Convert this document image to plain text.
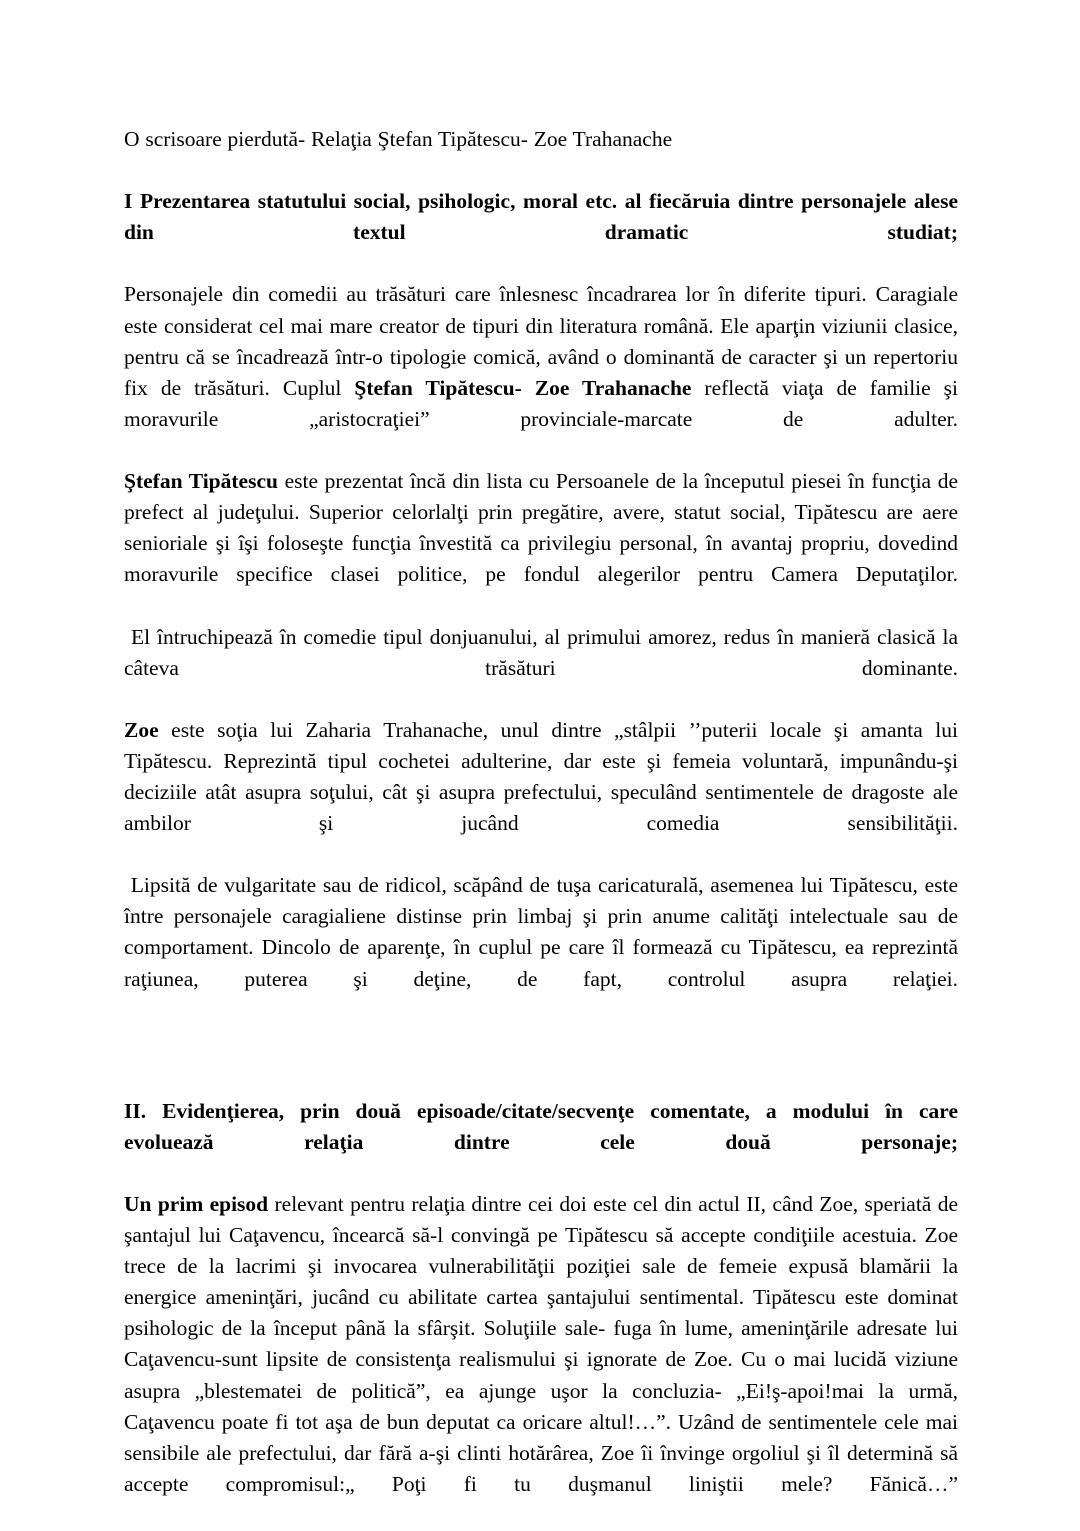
O scrisoare pierdută- Relaţia Ştefan Tipătescu- Zoe Trahanache

I Prezentarea statutului social, psihologic, moral etc. al fiecăruia dintre personajele alese din textul dramatic studiat;

Personajele din comedii au trăsături care înlesnesc încadrarea lor în diferite tipuri. Caragiale este considerat cel mai mare creator de tipuri din literatura română. Ele aparţin viziunii clasice, pentru că se încadrează într-o tipologie comică, având o dominantă de caracter şi un repertoriu fix de trăsături. Cuplul Ştefan Tipătescu- Zoe Trahanache reflectă viaţa de familie şi moravurile „aristocraţiei” provinciale-marcate de adulter.

Ştefan Tipătescu este prezentat încă din lista cu Persoanele de la începutul piesei în funcţia de prefect al judeţului. Superior celorlalţi prin pregătire, avere, statut social, Tipătescu are aere senioriale şi îşi foloseşte funcţia învestită ca privilegiu personal, în avantaj propriu, dovedind moravurile specifice clasei politice, pe fondul alegerilor pentru Camera Deputaţilor.

El întruchipează în comedie tipul donjuanului, al primului amorez, redus în manieră clasică la câteva trăsături dominante.

Zoe este soţia lui Zaharia Trahanache, unul dintre „stâlpii ’’puterii locale şi amanta lui Tipătescu. Reprezintă tipul cochetei adulterine, dar este şi femeia voluntară, impunându-şi deciziile atât asupra soţului, cât şi asupra prefectului, speculând sentimentele de dragoste ale ambilor şi jucând comedia sensibilităţii.

Lipsită de vulgaritate sau de ridicol, scăpând de tuşa caricaturală, asemenea lui Tipătescu, este între personajele caragialiene distinse prin limbaj şi prin anume calităţi intelectuale sau de comportament. Dincolo de aparenţe, în cuplul pe care îl formează cu Tipătescu, ea reprezintă raţiunea, puterea şi deţine, de fapt, controlul asupra relaţiei.

II. Evidenţierea, prin două episoade/citate/secvenţe comentate, a modului în care evoluează relaţia dintre cele două personaje;

Un prim episod relevant pentru relaţia dintre cei doi este cel din actul II, când Zoe, speriată de şantajul lui Caţavencu, încearcă să-l convingă pe Tipătescu să accepte condiţiile acestuia. Zoe trece de la lacrimi şi invocarea vulnerabilităţii poziţiei sale de femeie expusă blamării la energice ameninţări, jucând cu abilitate cartea şantajului sentimental. Tipătescu este dominat psihologic de la început până la sfârşit. Soluţiile sale- fuga în lume, ameninţările adresate lui Caţavencu-sunt lipsite de consistenţa realismului şi ignorate de Zoe. Cu o mai lucidă viziune asupra „blestematei de politică”, ea ajunge uşor la concluzia- „Ei!ş-apoi!mai la urmă, Caţavencu poate fi tot aşa de bun deputat ca oricare altul!…”. Uzând de sentimentele cele mai sensibile ale prefectului, dar fără a-şi clinti hotărârea, Zoe îi învinge orgoliul şi îl determină să accepte compromisul:„ Poţi fi tu duşmanul liniştii mele? Fănică…”
